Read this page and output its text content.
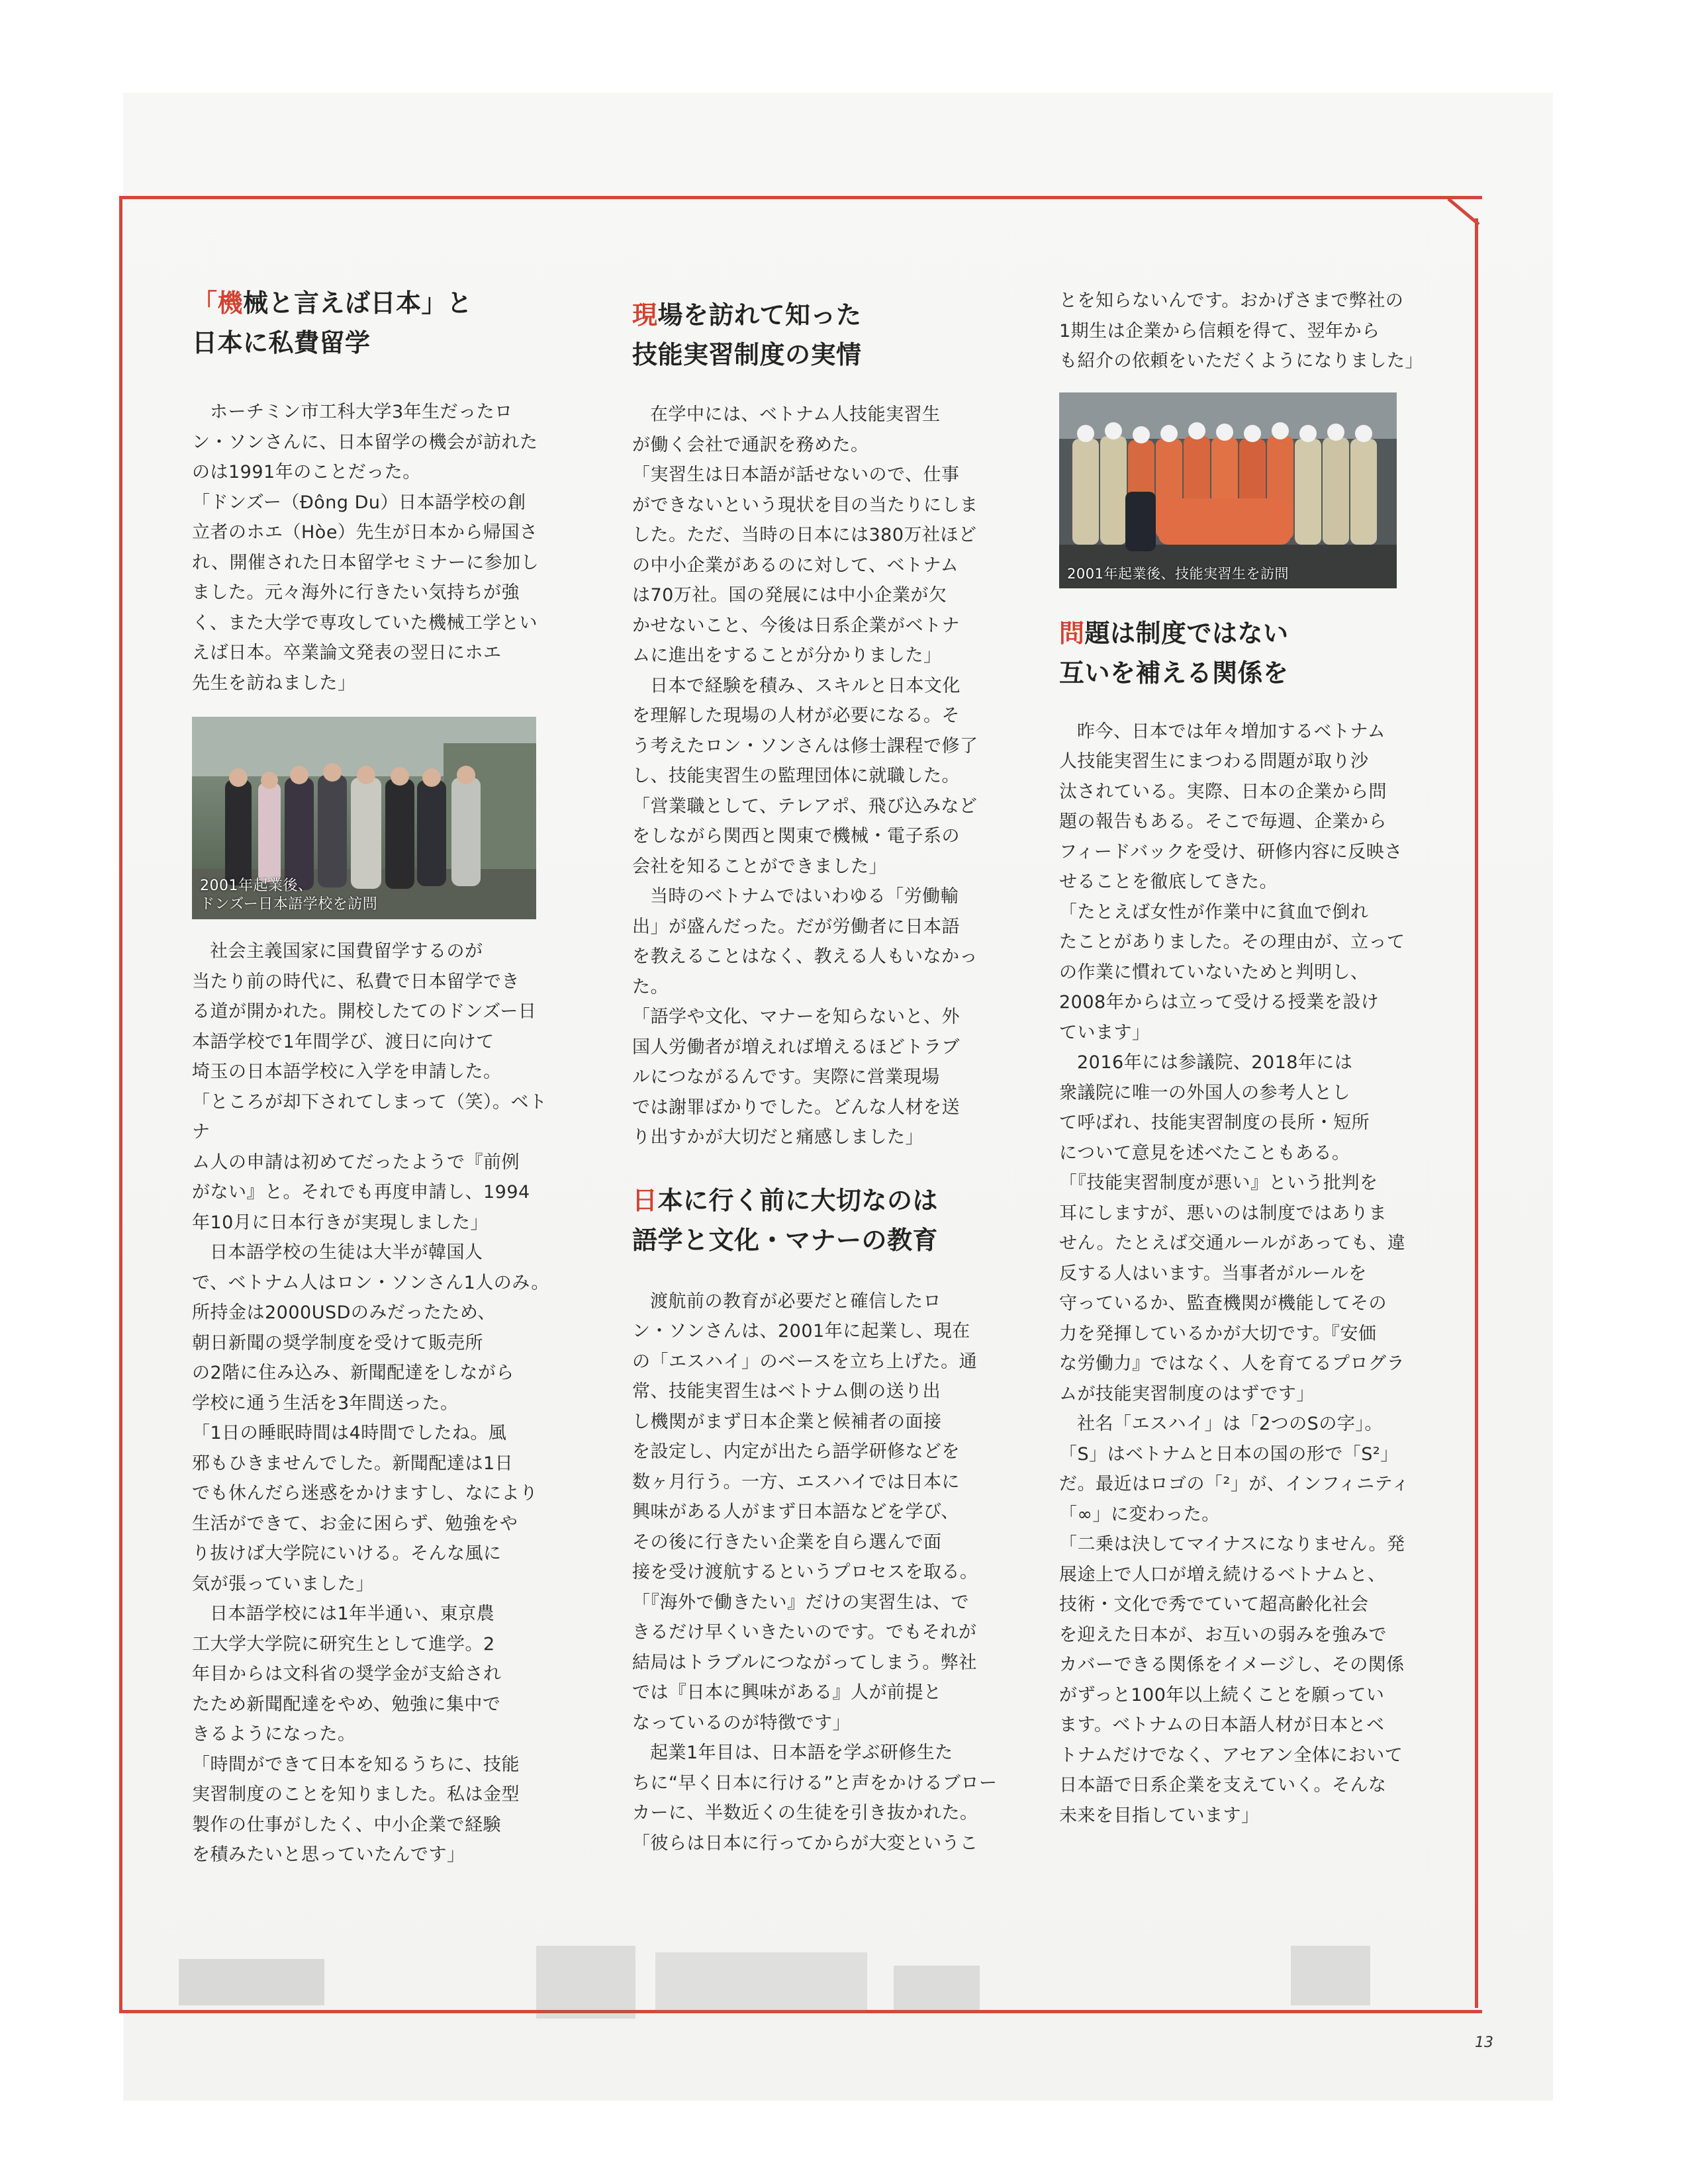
「機械と言えば日本」と
日本に私費留学

ホーチミン市工科大学3年生だったロ

ン・ソンさんに、日本留学の機会が訪れた

のは1991年のことだった。

「ドンズー（Đông Du）日本語学校の創

立者のホエ（Hòe）先生が日本から帰国さ

れ、開催された日本留学セミナーに参加し

ました。元々海外に行きたい気持ちが強

く、また大学で専攻していた機械工学とい

えば日本。卒業論文発表の翌日にホエ

先生を訪ねました」

2001年起業後、
ドンズー日本語学校を訪問

社会主義国家に国費留学するのが

当たり前の時代に、私費で日本留学でき

る道が開かれた。開校したてのドンズー日

本語学校で1年間学び、渡日に向けて

埼玉の日本語学校に入学を申請した。

「ところが却下されてしまって（笑）。ベトナ

ム人の申請は初めてだったようで『前例

がない』と。それでも再度申請し、1994

年10月に日本行きが実現しました」

日本語学校の生徒は大半が韓国人

で、ベトナム人はロン・ソンさん1人のみ。

所持金は2000USDのみだったため、

朝日新聞の奨学制度を受けて販売所

の2階に住み込み、新聞配達をしながら

学校に通う生活を3年間送った。

「1日の睡眠時間は4時間でしたね。風

邪もひきませんでした。新聞配達は1日

でも休んだら迷惑をかけますし、なにより

生活ができて、お金に困らず、勉強をや

り抜けば大学院にいける。そんな風に

気が張っていました」

日本語学校には1年半通い、東京農

工大学大学院に研究生として進学。2

年目からは文科省の奨学金が支給され

たため新聞配達をやめ、勉強に集中で

きるようになった。

「時間ができて日本を知るうちに、技能

実習制度のことを知りました。私は金型

製作の仕事がしたく、中小企業で経験

を積みたいと思っていたんです」

現場を訪れて知った
技能実習制度の実情

在学中には、ベトナム人技能実習生

が働く会社で通訳を務めた。

「実習生は日本語が話せないので、仕事

ができないという現状を目の当たりにしま

した。ただ、当時の日本には380万社ほど

の中小企業があるのに対して、ベトナム

は70万社。国の発展には中小企業が欠

かせないこと、今後は日系企業がベトナ

ムに進出をすることが分かりました」

日本で経験を積み、スキルと日本文化

を理解した現場の人材が必要になる。そ

う考えたロン・ソンさんは修士課程で修了

し、技能実習生の監理団体に就職した。

「営業職として、テレアポ、飛び込みなど

をしながら関西と関東で機械・電子系の

会社を知ることができました」

当時のベトナムではいわゆる「労働輸

出」が盛んだった。だが労働者に日本語

を教えることはなく、教える人もいなかった。

「語学や文化、マナーを知らないと、外

国人労働者が増えれば増えるほどトラブ

ルにつながるんです。実際に営業現場

では謝罪ばかりでした。どんな人材を送

り出すかが大切だと痛感しました」

日本に行く前に大切なのは
語学と文化・マナーの教育

渡航前の教育が必要だと確信したロ

ン・ソンさんは、2001年に起業し、現在

の「エスハイ」のベースを立ち上げた。通

常、技能実習生はベトナム側の送り出

し機関がまず日本企業と候補者の面接

を設定し、内定が出たら語学研修などを

数ヶ月行う。一方、エスハイでは日本に

興味がある人がまず日本語などを学び、

その後に行きたい企業を自ら選んで面

接を受け渡航するというプロセスを取る。

「『海外で働きたい』だけの実習生は、で

きるだけ早くいきたいのです。でもそれが

結局はトラブルにつながってしまう。弊社

では『日本に興味がある』人が前提と

なっているのが特徴です」

起業1年目は、日本語を学ぶ研修生た

ちに“早く日本に行ける”と声をかけるブロー

カーに、半数近くの生徒を引き抜かれた。

「彼らは日本に行ってからが大変というこ

とを知らないんです。おかげさまで弊社の

1期生は企業から信頼を得て、翌年から

も紹介の依頼をいただくようになりました」

2001年起業後、技能実習生を訪問
問題は制度ではない
互いを補える関係を

昨今、日本では年々増加するベトナム

人技能実習生にまつわる問題が取り沙

汰されている。実際、日本の企業から問

題の報告もある。そこで毎週、企業から

フィードバックを受け、研修内容に反映さ

せることを徹底してきた。

「たとえば女性が作業中に貧血で倒れ

たことがありました。その理由が、立って

の作業に慣れていないためと判明し、

2008年からは立って受ける授業を設け

ています」

2016年には参議院、2018年には

衆議院に唯一の外国人の参考人とし

て呼ばれ、技能実習制度の長所・短所

について意見を述べたこともある。

「『技能実習制度が悪い』という批判を

耳にしますが、悪いのは制度ではありま

せん。たとえば交通ルールがあっても、違

反する人はいます。当事者がルールを

守っているか、監査機関が機能してその

力を発揮しているかが大切です。『安価

な労働力』ではなく、人を育てるプログラ

ムが技能実習制度のはずです」

社名「エスハイ」は「2つのSの字」。

「S」はベトナムと日本の国の形で「S²」

だ。最近はロゴの「²」が、インフィニティ

「∞」に変わった。

「二乗は決してマイナスになりません。発

展途上で人口が増え続けるベトナムと、

技術・文化で秀でていて超高齢化社会

を迎えた日本が、お互いの弱みを強みで

カバーできる関係をイメージし、その関係

がずっと100年以上続くことを願ってい

ます。ベトナムの日本語人材が日本とベ

トナムだけでなく、アセアン全体において

日本語で日系企業を支えていく。そんな

未来を目指しています」

13
